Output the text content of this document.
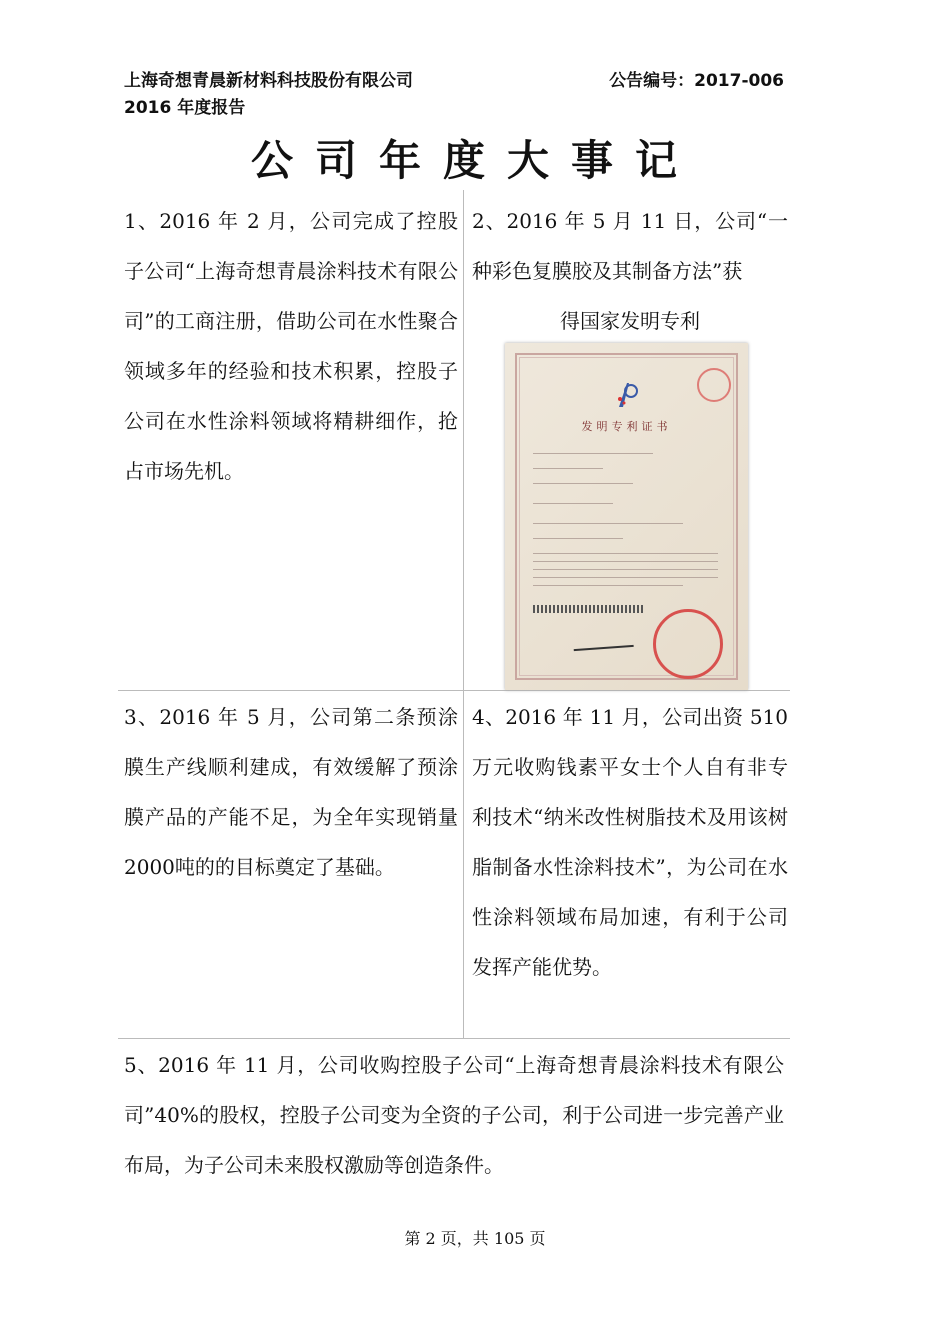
上海奇想青晨新材料科技股份有限公司
2016 年度报告
公告编号：2017-006
公司年度大事记
1、2016 年 2 月，公司完成了控股子公司“上海奇想青晨涂料技术有限公司”的工商注册，借助公司在水性聚合领域多年的经验和技术积累，控股子公司在水性涂料领域将精耕细作，抢占市场先机。
2、2016 年 5 月 11 日，公司“一种彩色复膜胶及其制备方法”获
得国家发明专利
发明专利证书
3、2016 年 5 月，公司第二条预涂膜生产线顺利建成，有效缓解了预涂膜产品的产能不足，为全年实现销量2000吨的的目标奠定了基础。
4、2016 年 11 月，公司出资 510 万元收购钱素平女士个人自有非专利技术“纳米改性树脂技术及用该树脂制备水性涂料技术”，为公司在水性涂料领域布局加速，有利于公司发挥产能优势。
5、2016 年 11 月，公司收购控股子公司“上海奇想青晨涂料技术有限公司”40%的股权，控股子公司变为全资的子公司，利于公司进一步完善产业布局，为子公司未来股权激励等创造条件。
第 2 页，共 105 页
